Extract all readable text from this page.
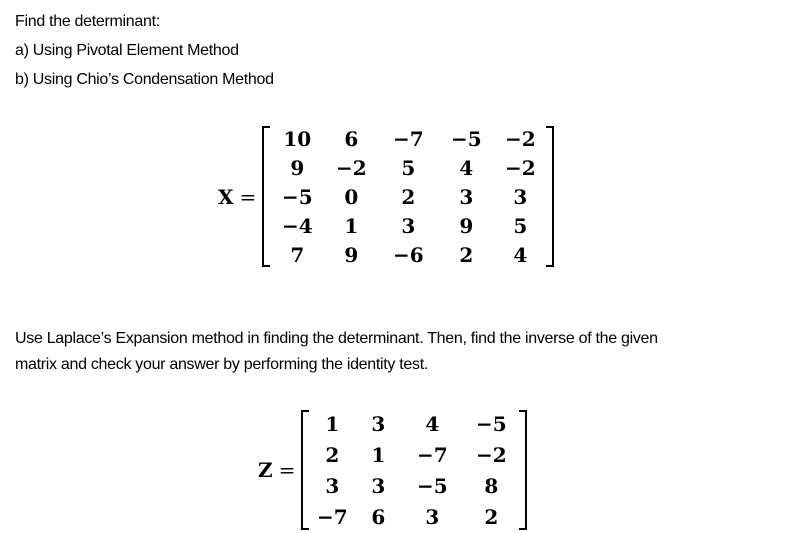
Find the determinant:
a) Using Pivotal Element Method
b) Using Chio’s Condensation Method
X =
10	6	−7	−5	−2
9	−2	5	4	−2
−5	0	2	3	3
−4	1	3	9	5
7	9	−6	2	4
Use Laplace’s Expansion method in finding the determinant. Then, find the inverse of the given
matrix and check your answer by performing the identity test.
Z =
1	3	4	−5
2	1	−7	−2
3	3	−5	8
−7	6	3	2
